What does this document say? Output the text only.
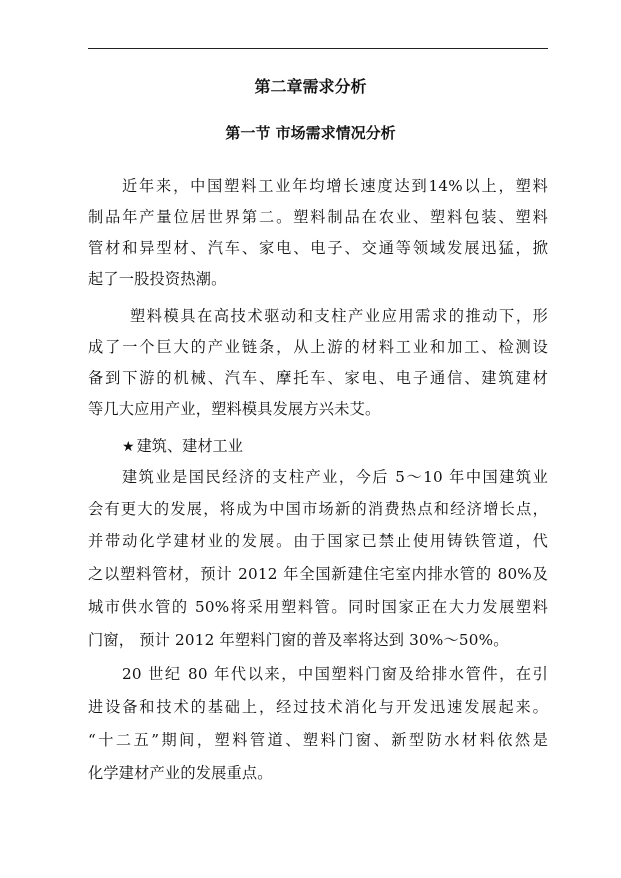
第二章需求分析
第一节 市场需求情况分析
近年来，中国塑料工业年均增长速度达到14%以上，塑料
制品年产量位居世界第二。塑料制品在农业、塑料包装、塑料
管材和异型材、汽车、家电、电子、交通等领域发展迅猛，掀
起了一股投资热潮。
塑料模具在高技术驱动和支柱产业应用需求的推动下，形
成了一个巨大的产业链条，从上游的材料工业和加工、检测设
备到下游的机械、汽车、摩托车、家电、电子通信、建筑建材
等几大应用产业，塑料模具发展方兴未艾。
★ 建筑、建材工业
建筑业是国民经济的支柱产业，今后 5～10 年中国建筑业
会有更大的发展，将成为中国市场新的消费热点和经济增长点，
并带动化学建材业的发展。由于国家已禁止使用铸铁管道，代
之以塑料管材，预计 2012 年全国新建住宅室内排水管的 80%及
城市供水管的 50%将采用塑料管。同时国家正在大力发展塑料
门窗， 预计 2012 年塑料门窗的普及率将达到 30%～50%。
20 世纪 80 年代以来，中国塑料门窗及给排水管件，在引
进设备和技术的基础上，经过技术消化与开发迅速发展起来。
“十二五”期间，塑料管道、塑料门窗、新型防水材料依然是
化学建材产业的发展重点。
